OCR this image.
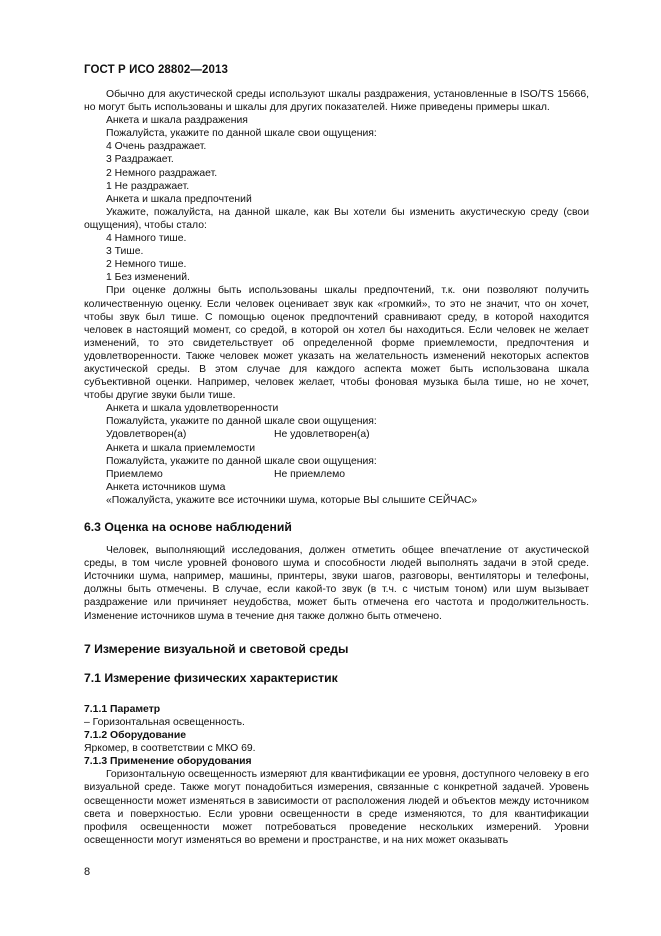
ГОСТ Р ИСО 28802—2013

Обычно для акустической среды используют шкалы раздражения, установленные в ISO/TS 15666, но могут быть использованы и шкалы для других показателей. Ниже приведены примеры шкал.

Анкета и шкала раздражения

Пожалуйста, укажите по данной шкале свои ощущения:

4 Очень раздражает.

3 Раздражает.

2 Немного раздражает.

1 Не раздражает.

Анкета и шкала предпочтений

Укажите, пожалуйста, на данной шкале, как Вы хотели бы изменить акустическую среду (свои ощущения), чтобы стало:

4 Намного тише.

3 Тише.

2 Немного тише.

1 Без изменений.

При оценке должны быть использованы шкалы предпочтений, т.к. они позволяют получить количественную оценку. Если человек оценивает звук как «громкий», то это не значит, что он хочет, чтобы звук был тише. С помощью оценок предпочтений сравнивают среду, в которой находится человек в настоящий момент, со средой, в которой он хотел бы находиться. Если человек не желает изменений, то это свидетельствует об определенной форме приемлемости, предпочтения и удовлетворенности. Также человек может указать на желательность изменений некоторых аспектов акустической среды. В этом случае для каждого аспекта может быть использована шкала субъективной оценки. Например, человек желает, чтобы фоновая музыка была тише, но не хочет, чтобы другие звуки были тише.

Анкета и шкала удовлетворенности

Пожалуйста, укажите по данной шкале свои ощущения:

Удовлетворен(а)	Не удовлетворен(а)

Анкета и шкала приемлемости

Пожалуйста, укажите по данной шкале свои ощущения:

Приемлемо	Не приемлемо

Анкета источников шума

«Пожалуйста, укажите все источники шума, которые ВЫ слышите СЕЙЧАС»

6.3 Оценка на основе наблюдений

Человек, выполняющий исследования, должен отметить общее впечатление от акустической среды, в том числе уровней фонового шума и способности людей выполнять задачи в этой среде. Источники шума, например, машины, принтеры, звуки шагов, разговоры, вентиляторы и телефоны, должны быть отмечены. В случае, если какой-то звук (в т.ч. с чистым тоном) или шум вызывает раздражение или причиняет неудобства, может быть отмечена его частота и продолжительность. Изменение источников шума в течение дня также должно быть отмечено.

7 Измерение визуальной и световой среды

7.1 Измерение физических характеристик

7.1.1 Параметр

– Горизонтальная освещенность.

7.1.2 Оборудование

Яркомер, в соответствии с МКО 69.

7.1.3 Применение оборудования

Горизонтальную освещенность измеряют для квантификации ее уровня, доступного человеку в его визуальной среде. Также могут понадобиться измерения, связанные с конкретной задачей. Уровень освещенности может изменяться в зависимости от расположения людей и объектов между источником света и поверхностью. Если уровни освещенности в среде изменяются, то для квантификации профиля освещенности может потребоваться проведение нескольких измерений. Уровни освещенности могут изменяться во времени и пространстве, и на них может оказывать

8
